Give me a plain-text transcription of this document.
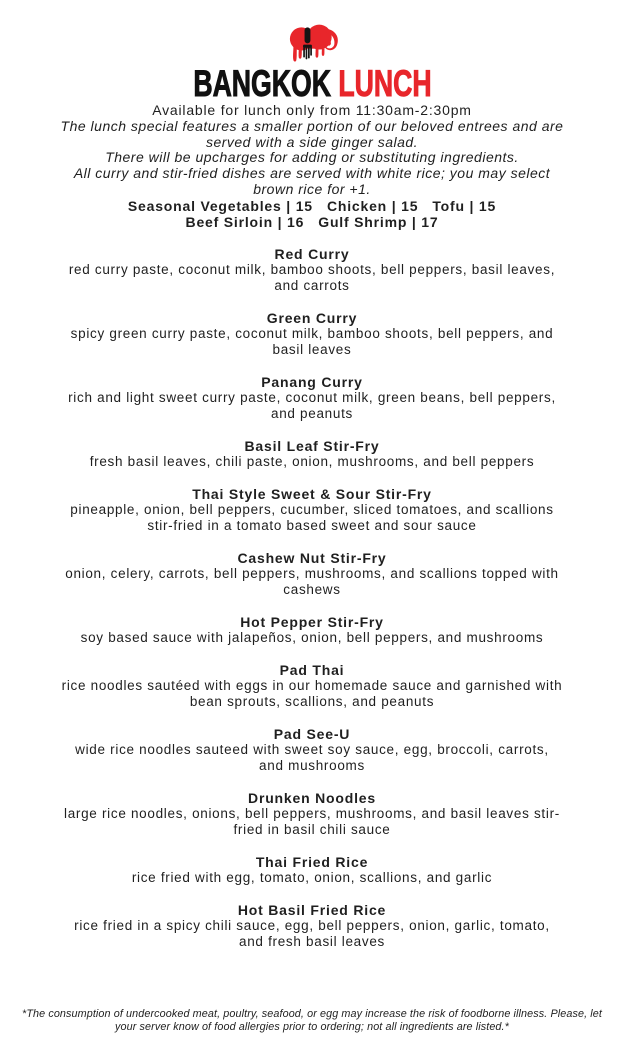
BANGKOK LUNCH
Available for lunch only from 11:30am-2:30pm
The lunch special features a smaller portion of our beloved entrees and are served with a side ginger salad.
There will be upcharges for adding or substituting ingredients.
All curry and stir-fried dishes are served with white rice; you may select brown rice for +1.
Seasonal Vegetables | 15   Chicken | 15   Tofu | 15
Beef Sirloin | 16   Gulf Shrimp | 17
Red Curry
red curry paste, coconut milk, bamboo shoots, bell peppers, basil leaves, and carrots
Green Curry
spicy green curry paste, coconut milk, bamboo shoots, bell peppers, and basil leaves
Panang Curry
rich and light sweet curry paste, coconut milk, green beans, bell peppers, and peanuts
Basil Leaf Stir-Fry
fresh basil leaves, chili paste, onion, mushrooms, and bell peppers
Thai Style Sweet & Sour Stir-Fry
pineapple, onion, bell peppers, cucumber, sliced tomatoes, and scallions stir-fried in a tomato based sweet and sour sauce
Cashew Nut Stir-Fry
onion, celery, carrots, bell peppers, mushrooms, and scallions topped with cashews
Hot Pepper Stir-Fry
soy based sauce with jalapeños, onion, bell peppers, and mushrooms
Pad Thai
rice noodles sautéed with eggs in our homemade sauce and garnished with bean sprouts, scallions, and peanuts
Pad See-U
wide rice noodles sauteed with sweet soy sauce, egg, broccoli, carrots, and mushrooms
Drunken Noodles
large rice noodles, onions, bell peppers, mushrooms, and basil leaves stir-fried in basil chili sauce
Thai Fried Rice
rice fried with egg, tomato, onion, scallions, and garlic
Hot Basil Fried Rice
rice fried in a spicy chili sauce, egg, bell peppers, onion, garlic, tomato, and fresh basil leaves
*The consumption of undercooked meat, poultry, seafood, or egg may increase the risk of foodborne illness. Please, let your server know of food allergies prior to ordering; not all ingredients are listed.*
